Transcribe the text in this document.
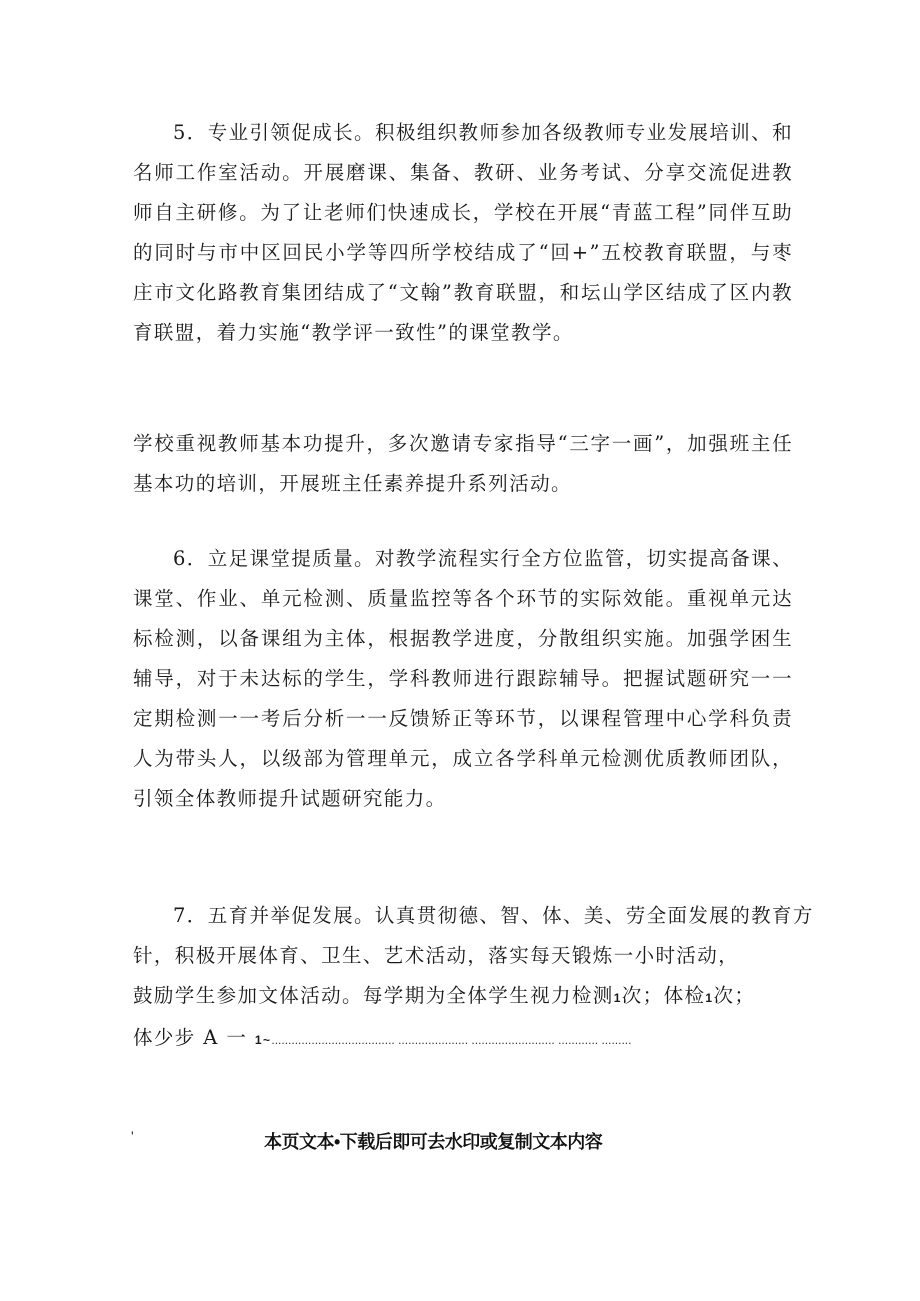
5．专业引领促成长。积极组织教师参加各级教师专业发展培训、和名师工作室活动。开展磨课、集备、教研、业务考试、分享交流促进教师自主研修。为了让老师们快速成长，学校在开展“青蓝工程”同伴互助的同时与市中区回民小学等四所学校结成了“回+”五校教育联盟，与枣庄市文化路教育集团结成了“文翰”教育联盟，和坛山学区结成了区内教育联盟，着力实施“教学评一致性”的课堂教学。

学校重视教师基本功提升，多次邀请专家指导“三字一画”，加强班主任基本功的培训，开展班主任素养提升系列活动。

6．立足课堂提质量。对教学流程实行全方位监管，切实提高备课、课堂、作业、单元检测、质量监控等各个环节的实际效能。重视单元达标检测，以备课组为主体，根据教学进度，分散组织实施。加强学困生辅导，对于未达标的学生，学科教师进行跟踪辅导。把握试题研究一一定期检测一一考后分析一一反馈矫正等环节，以课程管理中心学科负责人为带头人，以级部为管理单元，成立各学科单元检测优质教师团队，引领全体教师提升试题研究能力。

7．五育并举促发展。认真贯彻德、智、体、美、劳全面发展的教育方
针，积极开展体育、卫生、艺术活动，落实每天锻炼一小时活动，
鼓励学生参加文体活动。每学期为全体学生视力检测1次；体检1次；
体少步 A 一 1~..................................... ..................... ......................... ............ .........
'	本页文本•下载后即可去水印或复制文本内容
